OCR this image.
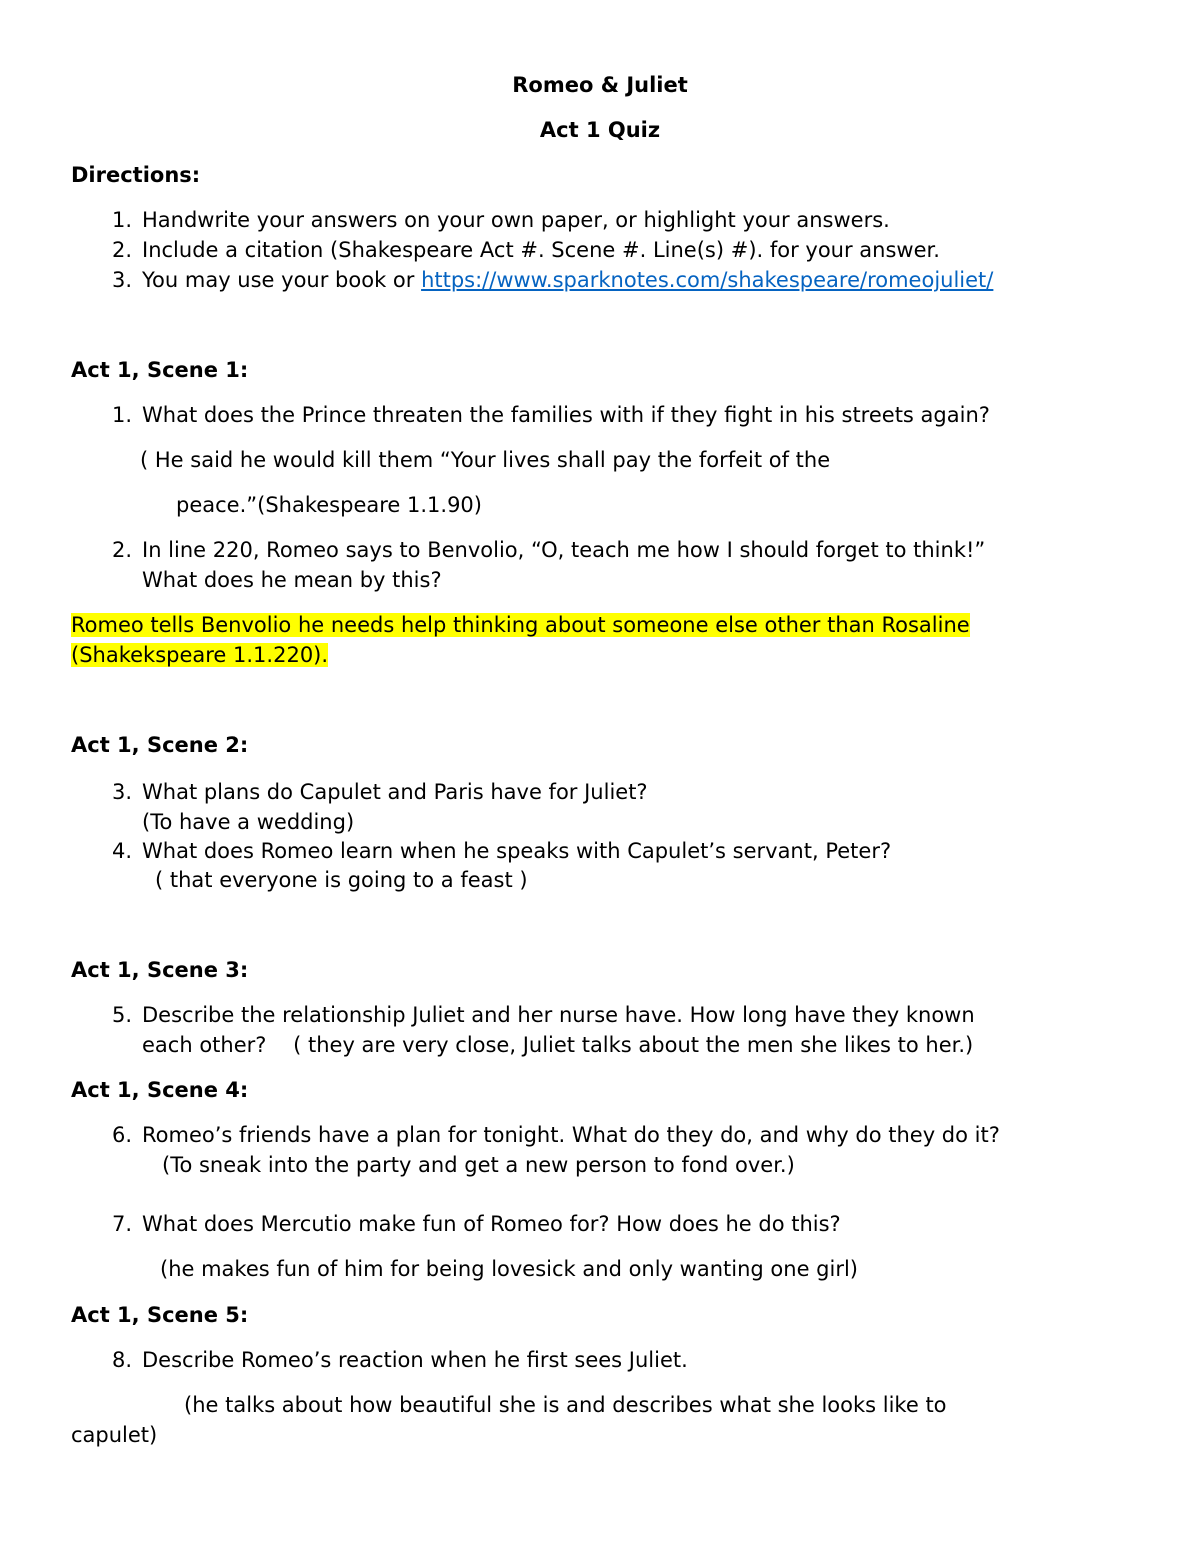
Romeo & Juliet
Act 1 Quiz
Directions:
1. Handwrite your answers on your own paper, or highlight your answers.
2. Include a citation (Shakespeare Act #. Scene #. Line(s) #). for your answer.
3. You may use your book or https://www.sparknotes.com/shakespeare/romeojuliet/
Act 1, Scene 1:
1. What does the Prince threaten the families with if they fight in his streets again?
( He said he would kill them “Your lives shall pay the forfeit of the
peace.”(Shakespeare 1.1.90)
2. In line 220, Romeo says to Benvolio, “O, teach me how I should forget to think!”
What does he mean by this?
Romeo tells Benvolio he needs help thinking about someone else other than Rosaline
(Shakekspeare 1.1.220).
Act 1, Scene 2:
3. What plans do Capulet and Paris have for Juliet?
(To have a wedding)
4. What does Romeo learn when he speaks with Capulet’s servant, Peter?
( that everyone is going to a feast )
Act 1, Scene 3:
5. Describe the relationship Juliet and her nurse have. How long have they known
each other?    ( they are very close, Juliet talks about the men she likes to her.)
Act 1, Scene 4:
6. Romeo’s friends have a plan for tonight. What do they do, and why do they do it?
(To sneak into the party and get a new person to fond over.)
7. What does Mercutio make fun of Romeo for? How does he do this?
(he makes fun of him for being lovesick and only wanting one girl)
Act 1, Scene 5:
8. Describe Romeo’s reaction when he first sees Juliet.
(he talks about how beautiful she is and describes what she looks like to
capulet)
